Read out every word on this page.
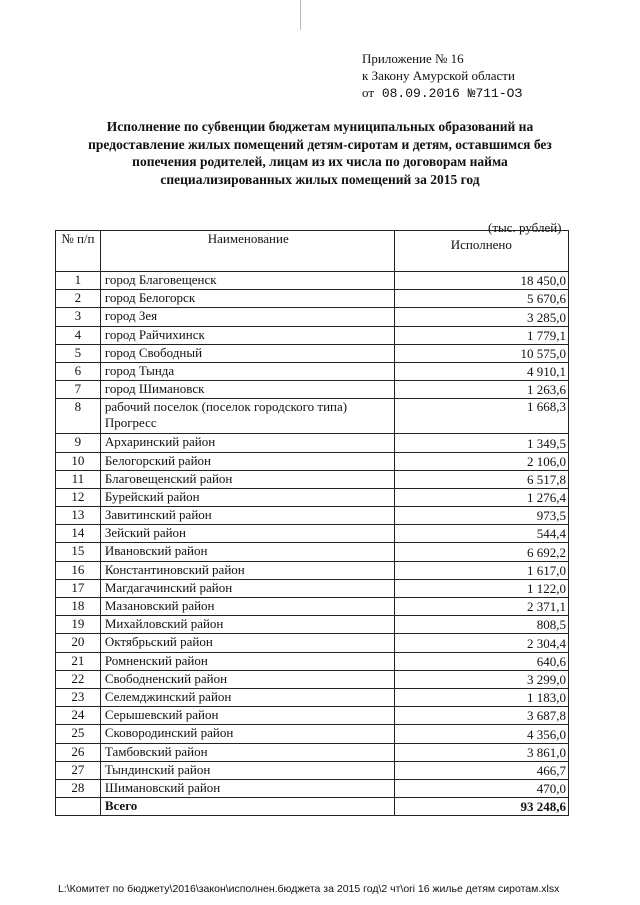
Приложение № 16
к Закону Амурской области
от 08.09.2016 №711-ОЗ
Исполнение по субвенции бюджетам муниципальных образований на предоставление жилых помещений детям-сиротам и детям, оставшимся без попечения родителей, лицам из их числа по договорам найма специализированных жилых помещений за 2015 год
(тыс. рублей)
№ п/п	Наименование	Исполнено
1	город Благовещенск	18 450,0
2	город Белогорск	5 670,6
3	город Зея	3 285,0
4	город Райчихинск	1 779,1
5	город Свободный	10 575,0
6	город Тында	4 910,1
7	город Шимановск	1 263,6
8	рабочий поселок (поселок городского типа) Прогресс	1 668,3
9	Архаринский район	1 349,5
10	Белогорский район	2 106,0
11	Благовещенский район	6 517,8
12	Бурейский район	1 276,4
13	Завитинский район	973,5
14	Зейский район	544,4
15	Ивановский район	6 692,2
16	Константиновский район	1 617,0
17	Магдагачинский район	1 122,0
18	Мазановский район	2 371,1
19	Михайловский район	808,5
20	Октябрьский район	2 304,4
21	Ромненский район	640,6
22	Свободненский район	3 299,0
23	Селемджинский район	1 183,0
24	Серышевский район	3 687,8
25	Сковородинский район	4 356,0
26	Тамбовский район	3 861,0
27	Тындинский район	466,7
28	Шимановский район	470,0
	Всего	93 248,6
L:\Комитет по бюджету\2016\закон\исполнен.бюджета за 2015 год\2 чт\ori 16 жилье детям сиротам.xlsx
